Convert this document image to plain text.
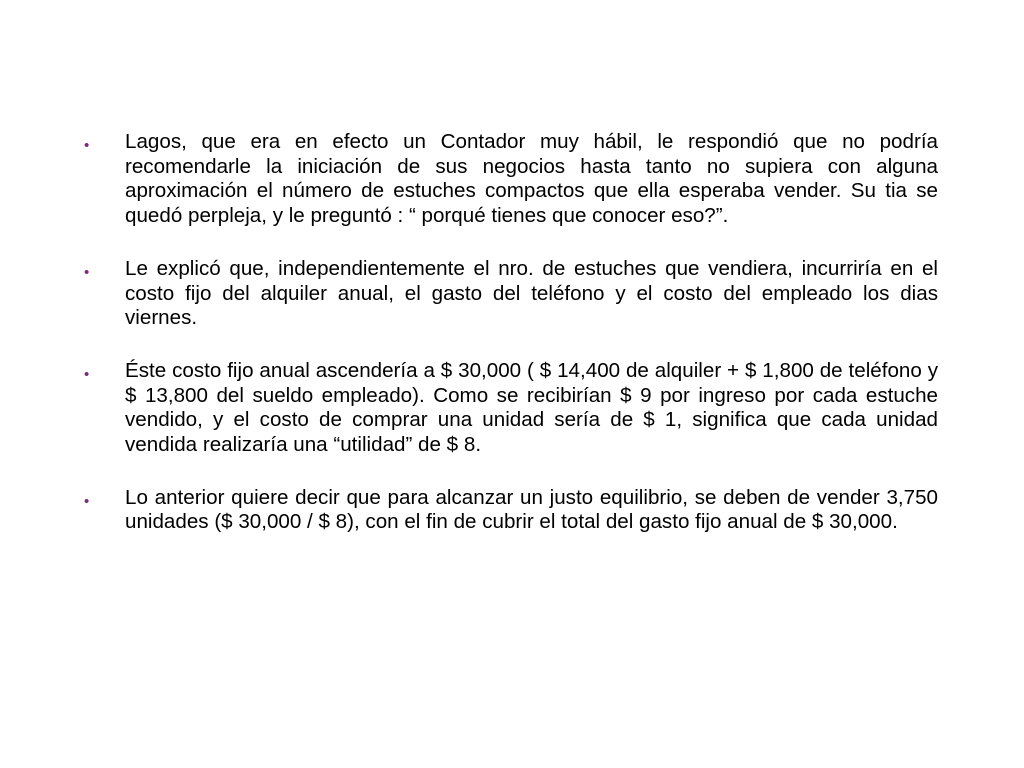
•	Lagos, que era en efecto un Contador muy hábil, le respondió que no podría recomendarle la iniciación de sus negocios hasta tanto no supiera con alguna aproximación el número de estuches compactos que ella esperaba vender. Su tia se quedó perpleja, y le preguntó : “ porqué tienes que conocer eso?”.
•	Le explicó que, independientemente el nro. de estuches que vendiera, incurriría en el costo fijo del alquiler anual, el gasto del teléfono y el costo del empleado los dias viernes.
•	Éste costo fijo anual ascendería a $ 30,000 ( $ 14,400 de alquiler + $ 1,800 de teléfono y $ 13,800 del sueldo empleado). Como se recibirían $ 9 por ingreso por cada estuche vendido, y el costo de comprar una unidad sería de $ 1, significa que cada unidad vendida realizaría una “utilidad” de $ 8.
•	Lo anterior quiere decir que para alcanzar un justo equilibrio, se deben de vender 3,750 unidades ($ 30,000 / $ 8), con el fin de cubrir el total del gasto fijo anual de $ 30,000.
